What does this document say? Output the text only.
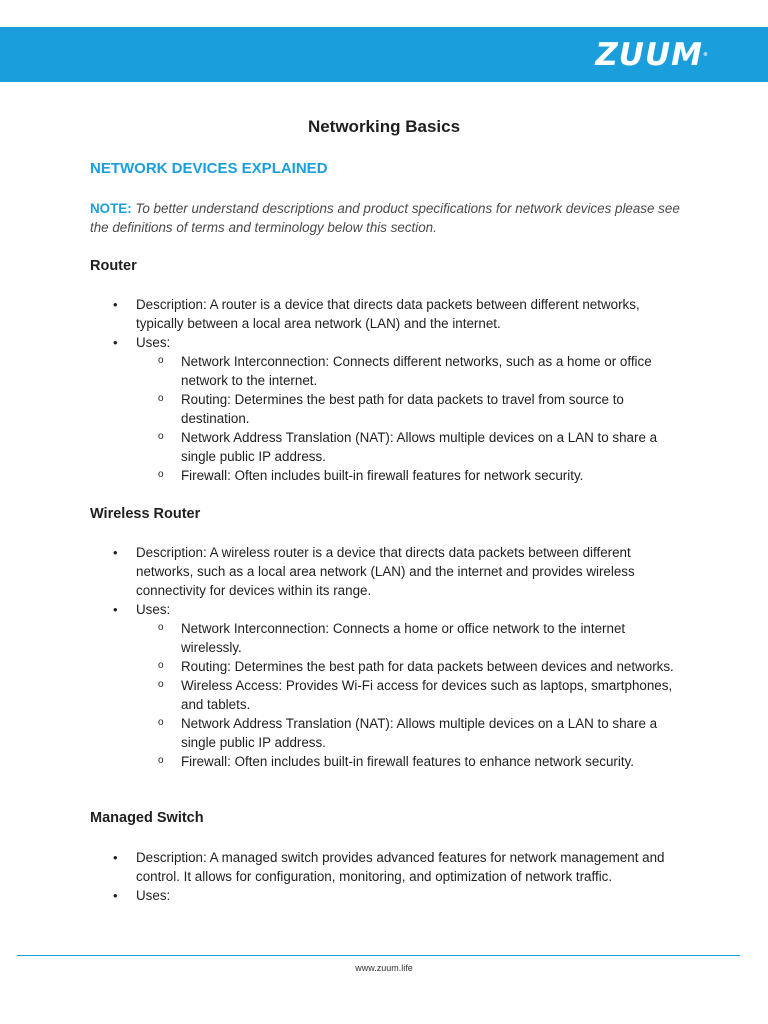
ZUUM®
Networking Basics
NETWORK DEVICES EXPLAINED
NOTE: To better understand descriptions and product specifications for network devices please see the definitions of terms and terminology below this section.
Router
• Description: A router is a device that directs data packets between different networks, typically between a local area network (LAN) and the internet.
• Uses:
o Network Interconnection: Connects different networks, such as a home or office network to the internet.
o Routing: Determines the best path for data packets to travel from source to destination.
o Network Address Translation (NAT): Allows multiple devices on a LAN to share a single public IP address.
o Firewall: Often includes built-in firewall features for network security.
Wireless Router
• Description: A wireless router is a device that directs data packets between different networks, such as a local area network (LAN) and the internet and provides wireless connectivity for devices within its range.
• Uses:
o Network Interconnection: Connects a home or office network to the internet wirelessly.
o Routing: Determines the best path for data packets between devices and networks.
o Wireless Access: Provides Wi-Fi access for devices such as laptops, smartphones, and tablets.
o Network Address Translation (NAT): Allows multiple devices on a LAN to share a single public IP address.
o Firewall: Often includes built-in firewall features to enhance network security.
Managed Switch
• Description: A managed switch provides advanced features for network management and control. It allows for configuration, monitoring, and optimization of network traffic.
• Uses:
www.zuum.life
